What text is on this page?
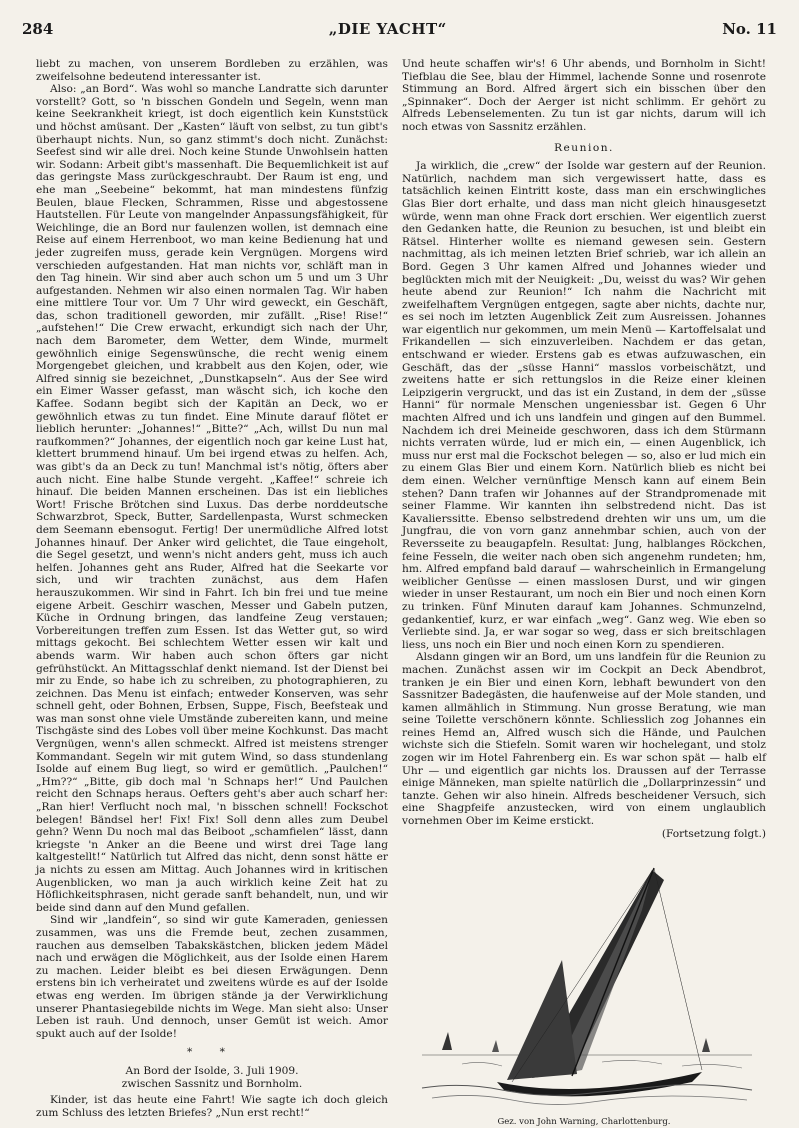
284	„DIE YACHT“	No. 11

liebt zu machen, von unserem Bordleben zu erzählen, was zweifelsohne bedeutend interessanter ist.

Also: „an Bord“. Was wohl so manche Landratte sich darunter vorstellt? Gott, so 'n bisschen Gondeln und Segeln, wenn man keine Seekrankheit kriegt, ist doch eigentlich kein Kunststück und höchst amüsant. Der „Kasten“ läuft von selbst, zu tun gibt's überhaupt nichts. Nun, so ganz stimmt's doch nicht. Zunächst: Seefest sind wir alle drei. Noch keine Stunde Unwohlsein hatten wir. Sodann: Arbeit gibt's massenhaft. Die Bequemlichkeit ist auf das geringste Mass zurückgeschraubt. Der Raum ist eng, und ehe man „Seebeine“ bekommt, hat man mindestens fünfzig Beulen, blaue Flecken, Schrammen, Risse und abgestossene Hautstellen. Für Leute von mangelnder Anpassungsfähigkeit, für Weichlinge, die an Bord nur faulenzen wollen, ist demnach eine Reise auf einem Herrenboot, wo man keine Bedienung hat und jeder zugreifen muss, gerade kein Vergnügen. Morgens wird verschieden aufgestanden. Hat man nichts vor, schläft man in den Tag hinein. Wir sind aber auch schon um 5 und um 3 Uhr aufgestanden. Nehmen wir also einen normalen Tag. Wir haben eine mittlere Tour vor. Um 7 Uhr wird geweckt, ein Geschäft, das, schon traditionell geworden, mir zufällt. „Rise! Rise!“ „aufstehen!“ Die Crew erwacht, erkundigt sich nach der Uhr, nach dem Barometer, dem Wetter, dem Winde, murmelt gewöhnlich einige Segenswünsche, die recht wenig einem Morgengebet gleichen, und krabbelt aus den Kojen, oder, wie Alfred sinnig sie bezeichnet, „Dunstkapseln“. Aus der See wird ein Eimer Wasser gefasst, man wäscht sich, ich koche den Kaffee. Sodann begibt sich der Kapitän an Deck, wo er gewöhnlich etwas zu tun findet. Eine Minute darauf flötet er lieblich herunter: „Johannes!“ „Bitte?“ „Ach, willst Du nun mal raufkommen?“ Johannes, der eigentlich noch gar keine Lust hat, klettert brummend hinauf. Um bei irgend etwas zu helfen. Ach, was gibt's da an Deck zu tun! Manchmal ist's nötig, öfters aber auch nicht. Eine halbe Stunde vergeht. „Kaffee!“ schreie ich hinauf. Die beiden Mannen erscheinen. Das ist ein liebliches Wort! Frische Brötchen sind Luxus. Das derbe norddeutsche Schwarzbrot, Speck, Butter, Sardellenpasta, Wurst schmecken dem Seemann ebensogut. Fertig! Der unermüdliche Alfred lotst Johannes hinauf. Der Anker wird gelichtet, die Taue eingeholt, die Segel gesetzt, und wenn's nicht anders geht, muss ich auch helfen. Johannes geht ans Ruder, Alfred hat die Seekarte vor sich, und wir trachten zunächst, aus dem Hafen herauszukommen. Wir sind in Fahrt. Ich bin frei und tue meine eigene Arbeit. Geschirr waschen, Messer und Gabeln putzen, Küche in Ordnung bringen, das landfeine Zeug verstauen; Vorbereitungen treffen zum Essen. Ist das Wetter gut, so wird mittags gekocht. Bei schlechtem Wetter essen wir kalt und abends warm. Wir haben auch schon öfters gar nicht gefrühstückt. An Mittagsschlaf denkt niemand. Ist der Dienst bei mir zu Ende, so habe ich zu schreiben, zu photographieren, zu zeichnen. Das Menu ist einfach; entweder Konserven, was sehr schnell geht, oder Bohnen, Erbsen, Suppe, Fisch, Beefsteak und was man sonst ohne viele Umstände zubereiten kann, und meine Tischgäste sind des Lobes voll über meine Kochkunst. Das macht Vergnügen, wenn's allen schmeckt. Alfred ist meistens strenger Kommandant. Segeln wir mit gutem Wind, so dass stundenlang Isolde auf einem Bug liegt, so wird er gemütlich. „Paulchen!“ „Hm??“ „Bitte, gib doch mal 'n Schnaps her!“ Und Paulchen reicht den Schnaps heraus. Oefters geht's aber auch scharf her: „Ran hier! Verflucht noch mal, 'n bisschen schnell! Fockschot belegen! Bändsel her! Fix! Fix! Soll denn alles zum Deubel gehn? Wenn Du noch mal das Beiboot „schamfielen“ lässt, dann kriegste 'n Anker an die Beene und wirst drei Tage lang kaltgestellt!“ Natürlich tut Alfred das nicht, denn sonst hätte er ja nichts zu essen am Mittag. Auch Johannes wird in kritischen Augenblicken, wo man ja auch wirklich keine Zeit hat zu Höflichkeitsphrasen, nicht gerade sanft behandelt, nun, und wir beide sind dann auf den Mund gefallen.

Sind wir „landfein“, so sind wir gute Kameraden, geniessen zusammen, was uns die Fremde beut, zechen zusammen, rauchen aus demselben Tabakskästchen, blicken jedem Mädel nach und erwägen die Möglichkeit, aus der Isolde einen Harem zu machen. Leider bleibt es bei diesen Erwägungen. Denn erstens bin ich verheiratet und zweitens würde es auf der Isolde etwas eng werden. Im übrigen stände ja der Verwirklichung unserer Phantasiegebilde nichts im Wege. Man sieht also: Unser Leben ist rauh. Und dennoch, unser Gemüt ist weich. Amor spukt auch auf der Isolde!

* *
An Bord der Isolde, 3. Juli 1909.
zwischen Sassnitz und Bornholm.

Kinder, ist das heute eine Fahrt! Wie sagte ich doch gleich zum Schluss des letzten Briefes? „Nun erst recht!“

Und heute schaffen wir's! 6 Uhr abends, und Bornholm in Sicht! Tiefblau die See, blau der Himmel, lachende Sonne und rosenrote Stimmung an Bord. Alfred ärgert sich ein bisschen über den „Spinnaker“. Doch der Aerger ist nicht schlimm. Er gehört zu Alfreds Lebenselementen. Zu tun ist gar nichts, darum will ich noch etwas von Sassnitz erzählen.

Reunion.

Ja wirklich, die „crew“ der Isolde war gestern auf der Reunion. Natürlich, nachdem man sich vergewissert hatte, dass es tatsächlich keinen Eintritt koste, dass man ein erschwingliches Glas Bier dort erhalte, und dass man nicht gleich hinausgesetzt würde, wenn man ohne Frack dort erschien. Wer eigentlich zuerst den Gedanken hatte, die Reunion zu besuchen, ist und bleibt ein Rätsel. Hinterher wollte es niemand gewesen sein. Gestern nachmittag, als ich meinen letzten Brief schrieb, war ich allein an Bord. Gegen 3 Uhr kamen Alfred und Johannes wieder und beglückten mich mit der Neuigkeit: „Du, weisst du was? Wir gehen heute abend zur Reunion!“ Ich nahm die Nachricht mit zweifelhaftem Vergnügen entgegen, sagte aber nichts, dachte nur, es sei noch im letzten Augenblick Zeit zum Ausreissen. Johannes war eigentlich nur gekommen, um mein Menü — Kartoffelsalat und Frikandellen — sich einzuverleiben. Nachdem er das getan, entschwand er wieder. Erstens gab es etwas aufzuwaschen, ein Geschäft, das der „süsse Hanni“ masslos vorbeischätzt, und zweitens hatte er sich rettungslos in die Reize einer kleinen Leipzigerin vergruckt, und das ist ein Zustand, in dem der „süsse Hanni“ für normale Menschen ungeniessbar ist. Gegen 6 Uhr machten Alfred und ich uns landfein und gingen auf den Bummel. Nachdem ich drei Meineide geschworen, dass ich dem Stürmann nichts verraten würde, lud er mich ein, — einen Augenblick, ich muss nur erst mal die Fockschot belegen — so, also er lud mich ein zu einem Glas Bier und einem Korn. Natürlich blieb es nicht bei dem einen. Welcher vernünftige Mensch kann auf einem Bein stehen? Dann trafen wir Johannes auf der Strandpromenade mit seiner Flamme. Wir kannten ihn selbstredend nicht. Das ist Kavalierssitte. Ebenso selbstredend drehten wir uns um, um die Jungfrau, die von vorn ganz annehmbar schien, auch von der Reversseite zu beaugapfeln. Resultat: Jung, halblanges Röckchen, feine Fesseln, die weiter nach oben sich angenehm rundeten; hm, hm. Alfred empfand bald darauf — wahrscheinlich in Ermangelung weiblicher Genüsse — einen masslosen Durst, und wir gingen wieder in unser Restaurant, um noch ein Bier und noch einen Korn zu trinken. Fünf Minuten darauf kam Johannes. Schmunzelnd, gedankentief, kurz, er war einfach „weg“. Ganz weg. Wie eben so Verliebte sind. Ja, er war sogar so weg, dass er sich breitschlagen liess, uns noch ein Bier und noch einen Korn zu spendieren.

Alsdann gingen wir an Bord, um uns landfein für die Reunion zu machen. Zunächst assen wir im Cockpit an Deck Abendbrot, tranken je ein Bier und einen Korn, lebhaft bewundert von den Sassnitzer Badegästen, die haufenweise auf der Mole standen, und kamen allmählich in Stimmung. Nun grosse Beratung, wie man seine Toilette verschönern könnte. Schliesslich zog Johannes ein reines Hemd an, Alfred wusch sich die Hände, und Paulchen wichste sich die Stiefeln. Somit waren wir hochelegant, und stolz zogen wir im Hotel Fahrenberg ein. Es war schon spät — halb elf Uhr — und eigentlich gar nichts los. Draussen auf der Terrasse einige Männeken, man spielte natürlich die „Dollarprinzessin“ und tanzte. Gehen wir also hinein. Alfreds bescheidener Versuch, sich eine Shagpfeife anzustecken, wird von einem unglaublich vornehmen Ober im Keime erstickt.

(Fortsetzung folgt.)
Gez. von John Warning, Charlottenburg.
